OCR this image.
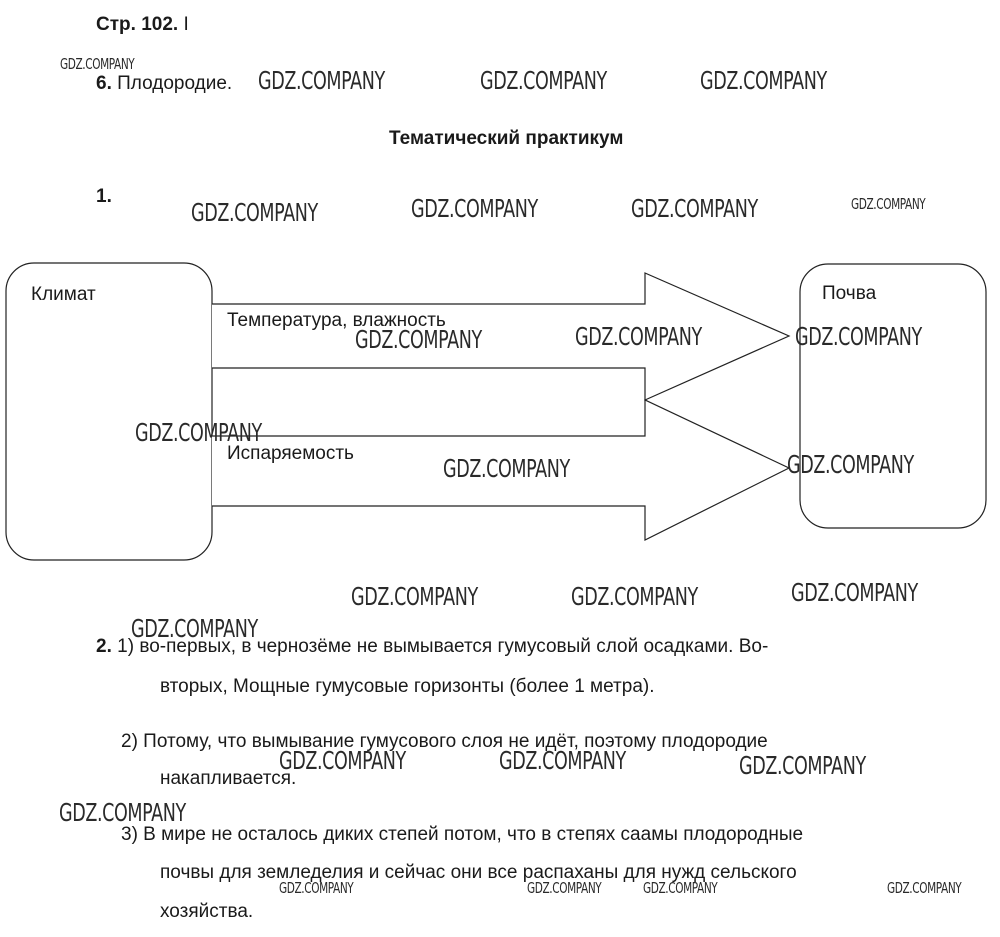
Стр. 102. I
6. Плодородие.
Тематический практикум
1.
Климат	Почва
Температура, влажность
Испаряемость
2. 1) во-первых, в чернозёме не вымывается гумусовый слой осадками. Во-
вторых, Мощные гумусовые горизонты (более 1 метра).
2) Потому, что вымывание гумусового слоя не идёт, поэтому плодородие
накапливается.
3) В мире не осталось диких степей потом, что в степях саамы плодородные
почвы для земледелия и сейчас они все распаханы для нужд сельского
хозяйства.
GDZ.COMPANY
GDZ.COMPANY	GDZ.COMPANY	GDZ.COMPANY
GDZ.COMPANY	GDZ.COMPANY	GDZ.COMPANY	GDZ.COMPANY
GDZ.COMPANY	GDZ.COMPANY	GDZ.COMPANY
GDZ.COMPANY
GDZ.COMPANY	GDZ.COMPANY
GDZ.COMPANY	GDZ.COMPANY	GDZ.COMPANY
GDZ.COMPANY
GDZ.COMPANY	GDZ.COMPANY	GDZ.COMPANY
GDZ.COMPANY
GDZ.COMPANY	GDZ.COMPANY	GDZ.COMPANY	GDZ.COMPANY
